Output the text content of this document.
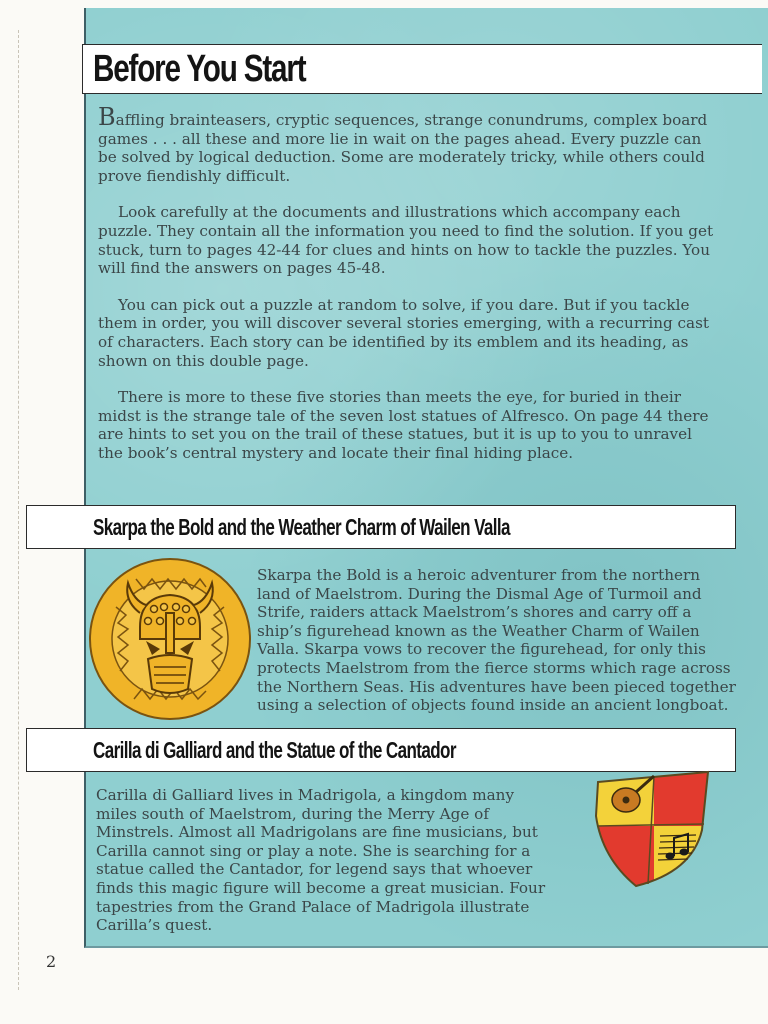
Before You Start

Baffling brainteasers, cryptic sequences, strange conundrums, complex board games . . . all these and more lie in wait on the pages ahead. Every puzzle can be solved by logical deduction. Some are moderately tricky, while others could prove fiendishly difficult.

Look carefully at the documents and illustrations which accompany each puzzle. They contain all the information you need to find the solution. If you get stuck, turn to pages 42-44 for clues and hints on how to tackle the puzzles. You will find the answers on pages 45-48.

You can pick out a puzzle at random to solve, if you dare. But if you tackle them in order, you will discover several stories emerging, with a recurring cast of characters. Each story can be identified by its emblem and its heading, as shown on this double page.

There is more to these five stories than meets the eye, for buried in their midst is the strange tale of the seven lost statues of Alfresco. On page 44 there are hints to set you on the trail of these statues, but it is up to you to unravel the book’s central mystery and locate their final hiding place.

Skarpa the Bold and the Weather Charm of Wailen Valla
Skarpa the Bold is a heroic adventurer from the northern land of Maelstrom. During the Dismal Age of Turmoil and Strife, raiders attack Maelstrom’s shores and carry off a ship’s figurehead known as the Weather Charm of Wailen Valla. Skarpa vows to recover the figurehead, for only this protects Maelstrom from the fierce storms which rage across the Northern Seas. His adventures have been pieced together using a selection of objects found inside an ancient longboat.
Carilla di Galliard and the Statue of the Cantador
Carilla di Galliard lives in Madrigola, a kingdom many miles south of Maelstrom, during the Merry Age of Minstrels. Almost all Madrigolans are fine musicians, but Carilla cannot sing or play a note. She is searching for a statue called the Cantador, for legend says that whoever finds this magic figure will become a great musician. Four tapestries from the Grand Palace of Madrigola illustrate Carilla’s quest.
2
